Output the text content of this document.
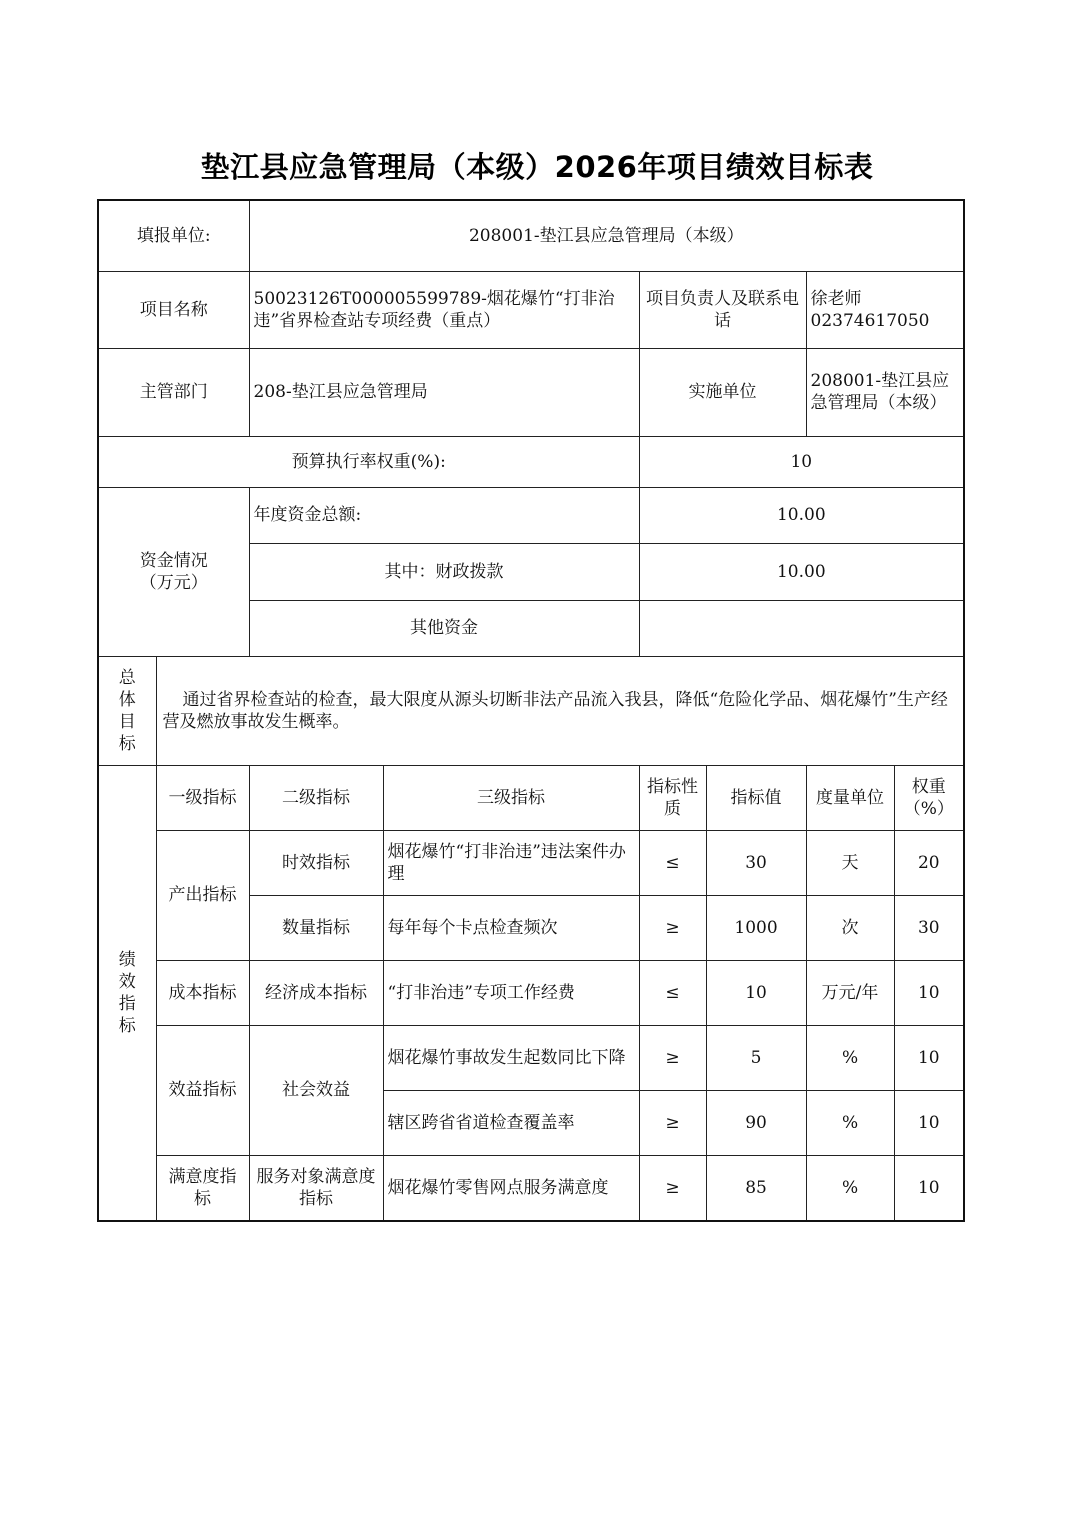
垫江县应急管理局（本级）2026年项目绩效目标表
填报单位:		208001-垫江县应急管理局（本级）					
项目名称		50023126T000005599789-烟花爆竹“打非治违”省界检查站专项经费（重点）		项目负责人及联系电话		徐老师
02374617050	

主管部门		208-垫江县应急管理局		实施单位		208001-垫江县应急管理局（本级）	
预算执行率权重(%):				10			

资金情况（万元）		年度资金总额:		10.00			
		其中：财政拨款		10.00			
		其他资金					

总体目标	通过省界检查站的检查，最大限度从源头切断非法产品流入我县，降低“危险化学品、烟花爆竹”生产经营及燃放事故发生概率。						

绩效指标	一级指标	二级指标	三级指标	指标性质	指标值	度量单位	权重（%）
	产出指标	时效指标	烟花爆竹“打非治违”违法案件办理	≤	30	天	20
		数量指标	每年每个卡点检查频次	≥	1000	次	30
	成本指标	经济成本指标	“打非治违”专项工作经费	≤	10	万元/年	10
	效益指标	社会效益	烟花爆竹事故发生起数同比下降	≥	5	%	10
			辖区跨省省道检查覆盖率	≥	90	%	10
	满意度指标	服务对象满意度指标	烟花爆竹零售网点服务满意度	≥	85	%	10
